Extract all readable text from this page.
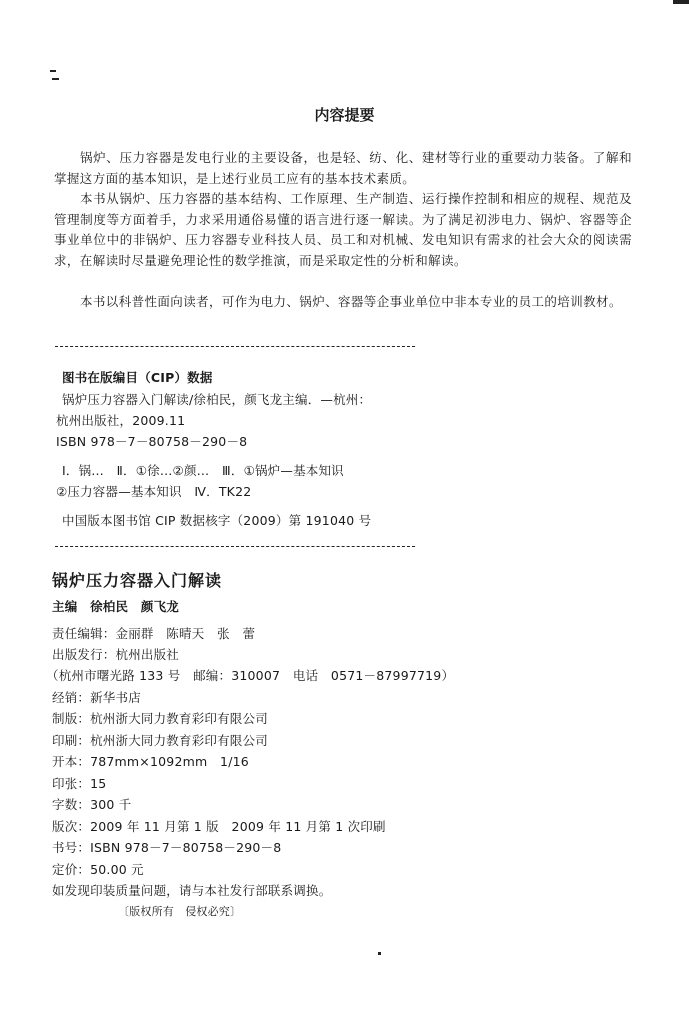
内容提要
锅炉、压力容器是发电行业的主要设备，也是轻、纺、化、建材等行业的重要动力装备。了解和掌握这方面的基本知识，是上述行业员工应有的基本技术素质。
本书从锅炉、压力容器的基本结构、工作原理、生产制造、运行操作控制和相应的规程、规范及管理制度等方面着手，力求采用通俗易懂的语言进行逐一解读。为了满足初涉电力、锅炉、容器等企事业单位中的非锅炉、压力容器专业科技人员、员工和对机械、发电知识有需求的社会大众的阅读需求，在解读时尽量避免理论性的数学推演，而是采取定性的分析和解读。
本书以科普性面向读者，可作为电力、锅炉、容器等企事业单位中非本专业的员工的培训教材。
图书在版编目（CIP）数据
锅炉压力容器入门解读/徐柏民，颜飞龙主编．—杭州：
杭州出版社，2009.11
ISBN 978－7－80758－290－8
Ⅰ．锅…　Ⅱ．①徐…②颜…　Ⅲ．①锅炉—基本知识
②压力容器—基本知识　Ⅳ．TK22
中国版本图书馆 CIP 数据核字（2009）第 191040 号
锅炉压力容器入门解读
主编　徐柏民　颜飞龙
责任编辑：金丽群　陈晴天　张　蕾
出版发行：杭州出版社
（杭州市曙光路 133 号　邮编：310007　电话　0571－87997719）
经销：新华书店
制版：杭州浙大同力教育彩印有限公司
印刷：杭州浙大同力教育彩印有限公司
开本：787mm×1092mm　1/16
印张：15
字数：300 千
版次：2009 年 11 月第 1 版　2009 年 11 月第 1 次印刷
书号：ISBN 978－7－80758－290－8
定价：50.00 元
如发现印装质量问题，请与本社发行部联系调换。
〔版权所有　侵权必究〕
